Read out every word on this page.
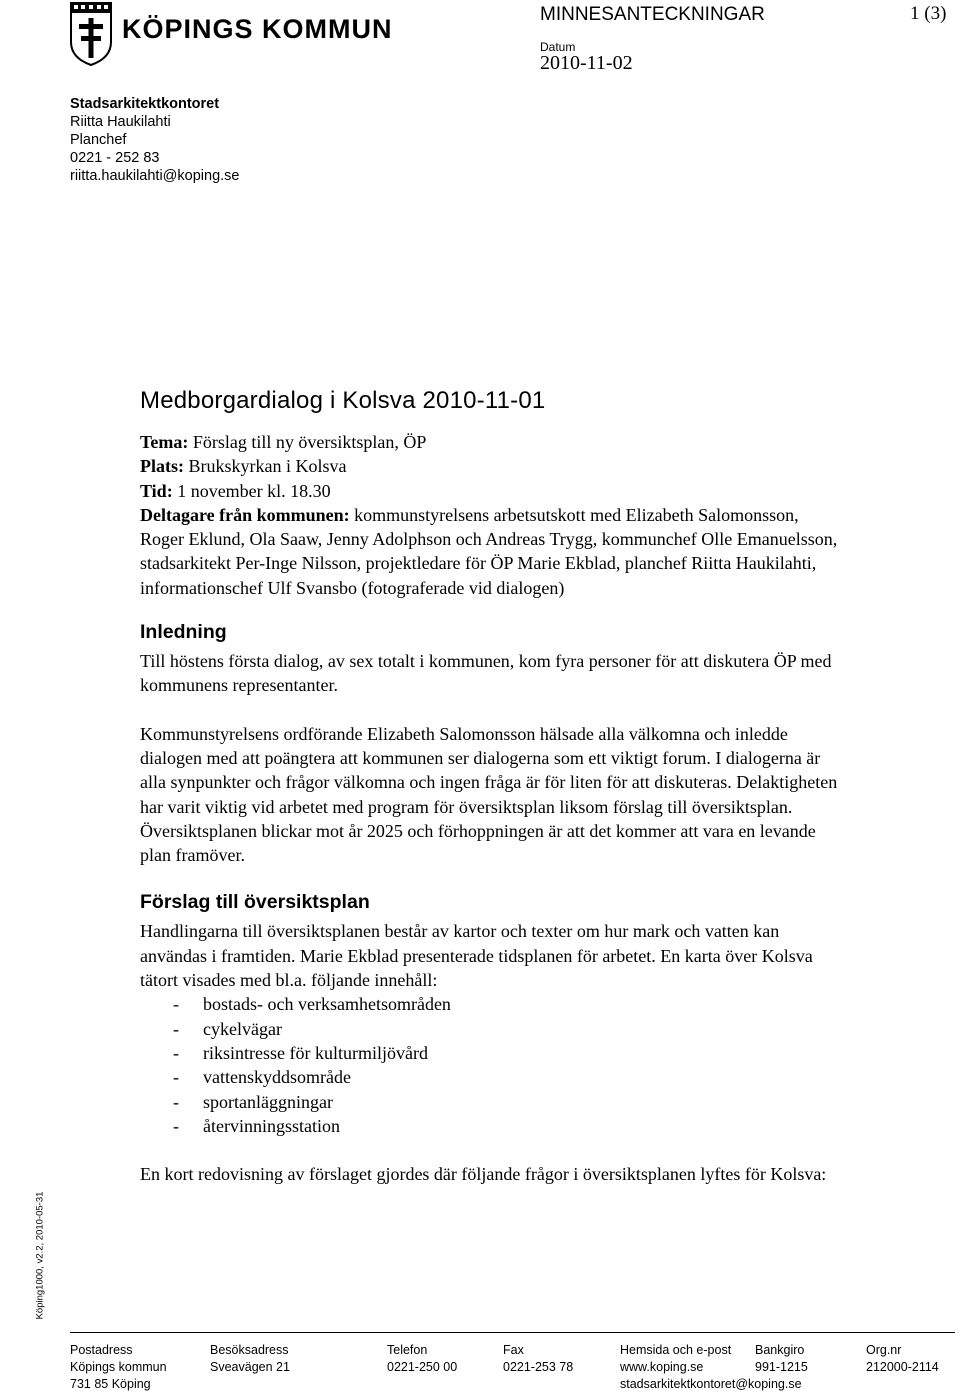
KÖPINGS KOMMUN	MINNESANTECKNINGAR	1 (3)
Datum
2010-11-02
Stadsarkitektkontoret
Riitta Haukilahti
Planchef
0221 - 252 83
riitta.haukilahti@koping.se
Medborgardialog i Kolsva 2010-11-01

Tema: Förslag till ny översiktsplan, ÖP

Plats: Brukskyrkan i Kolsva

Tid: 1 november kl. 18.30

Deltagare från kommunen: kommunstyrelsens arbetsutskott med Elizabeth Salomonsson, Roger Eklund, Ola Saaw, Jenny Adolphson och Andreas Trygg, kommunchef Olle Emanuelsson, stadsarkitekt Per-Inge Nilsson, projektledare för ÖP Marie Ekblad, planchef Riitta Haukilahti, informationschef Ulf Svansbo (fotograferade vid dialogen)

Inledning

Till höstens första dialog, av sex totalt i kommunen, kom fyra personer för att diskutera ÖP med kommunens representanter.

Kommunstyrelsens ordförande Elizabeth Salomonsson hälsade alla välkomna och inledde dialogen med att poängtera att kommunen ser dialogerna som ett viktigt forum. I dialogerna är alla synpunkter och frågor välkomna och ingen fråga är för liten för att diskuteras. Delaktigheten har varit viktig vid arbetet med program för översiktsplan liksom förslag till översiktsplan. Översiktsplanen blickar mot år 2025 och förhoppningen är att det kommer att vara en levande plan framöver.

Förslag till översiktsplan

Handlingarna till översiktsplanen består av kartor och texter om hur mark och vatten kan användas i framtiden. Marie Ekblad presenterade tidsplanen för arbetet. En karta över Kolsva tätort visades med bl.a. följande innehåll:

- bostads- och verksamhetsområden
- cykelvägar
- riksintresse för kulturmiljövård
- vattenskyddsområde
- sportanläggningar
- återvinningsstation

En kort redovisning av förslaget gjordes där följande frågor i översiktsplanen lyftes för Kolsva:

Köping1000, v2.2, 2010-05-31
Postadress
Köpings kommun
731 85 Köping
Besöksadress
Sveavägen 21
Telefon
0221-250 00
Fax
0221-253 78
Hemsida och e-post
www.koping.se
stadsarkitektkontoret@koping.se
Bankgiro
991-1215
Org.nr
212000-2114
